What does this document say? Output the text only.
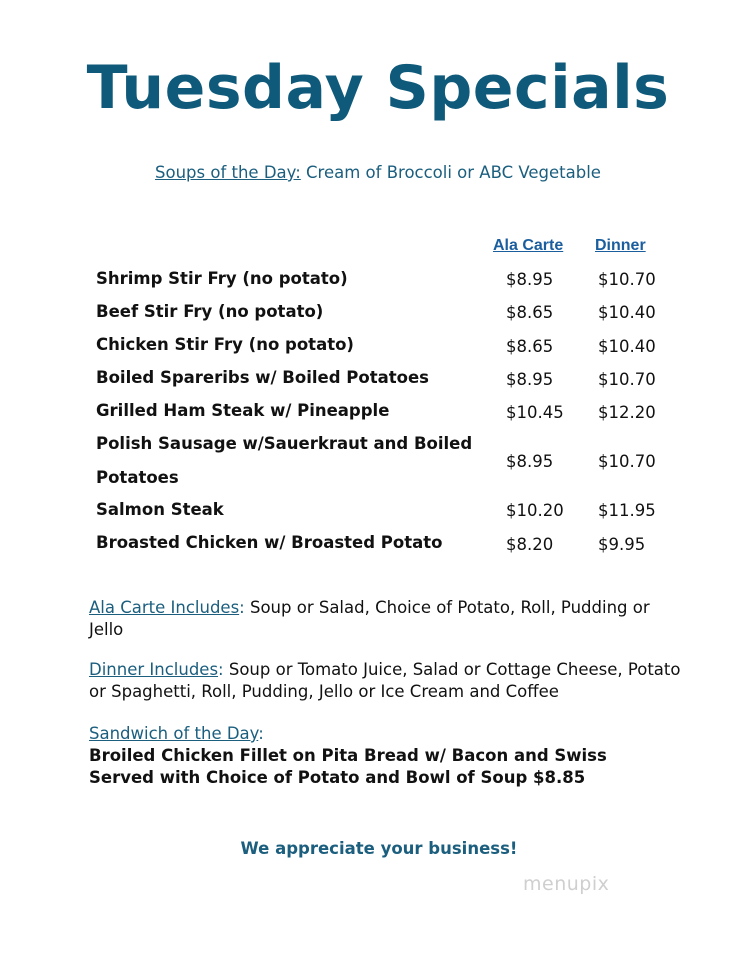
Tuesday Specials
Soups of the Day: Cream of Broccoli or ABC Vegetable
Ala Carte Dinner
Shrimp Stir Fry (no potato)	$8.95	$10.70
Beef Stir Fry (no potato)	$8.65	$10.40
Chicken Stir Fry (no potato)	$8.65	$10.40
Boiled Spareribs w/ Boiled Potatoes	$8.95	$10.70
Grilled Ham Steak w/ Pineapple	$10.45 $12.20
Polish Sausage w/Sauerkraut and Boiled
Potatoes
$8.95	$10.70
Salmon Steak	$10.20 $11.95
Broasted Chicken w/ Broasted Potato	$8.20	$9.95
Ala Carte Includes: Soup or Salad, Choice of Potato, Roll, Pudding or Jello
Dinner Includes: Soup or Tomato Juice, Salad or Cottage Cheese, Potato or Spaghetti, Roll, Pudding, Jello or Ice Cream and Coffee
Sandwich of the Day:
Broiled Chicken Fillet on Pita Bread w/ Bacon and Swiss
Served with Choice of Potato and Bowl of Soup $8.85
We appreciate your business!
menupix
